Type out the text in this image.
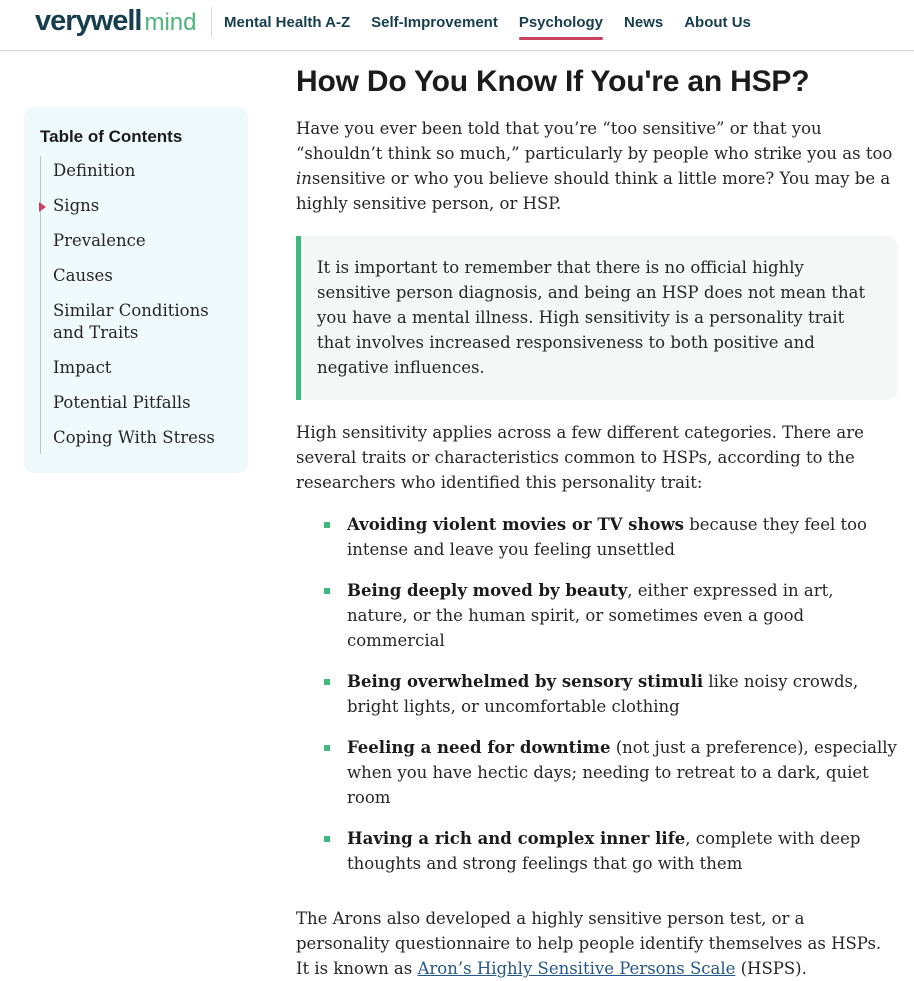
verywell mind Mental Health A-Z Self-Improvement Psychology News About Us
Table of Contents
Definition
Signs
Prevalence
Causes
Similar Conditions and Traits
Impact
Potential Pitfalls
Coping With Stress
How Do You Know If You're an HSP?

Have you ever been told that you’re “too sensitive” or that you “shouldn’t think so much,” particularly by people who strike you as too insensitive or who you believe should think a little more? You may be a highly sensitive person, or HSP.

It is important to remember that there is no official highly sensitive person diagnosis, and being an HSP does not mean that you have a mental illness. High sensitivity is a personality trait that involves increased responsiveness to both positive and negative influences.

High sensitivity applies across a few different categories. There are several traits or characteristics common to HSPs, according to the researchers who identified this personality trait:

Avoiding violent movies or TV shows because they feel too intense and leave you feeling unsettled
Being deeply moved by beauty, either expressed in art, nature, or the human spirit, or sometimes even a good commercial
Being overwhelmed by sensory stimuli like noisy crowds, bright lights, or uncomfortable clothing
Feeling a need for downtime (not just a preference), especially when you have hectic days; needing to retreat to a dark, quiet room
Having a rich and complex inner life, complete with deep thoughts and strong feelings that go with them

The Arons also developed a highly sensitive person test, or a personality questionnaire to help people identify themselves as HSPs. It is known as Aron’s Highly Sensitive Persons Scale (HSPS).
